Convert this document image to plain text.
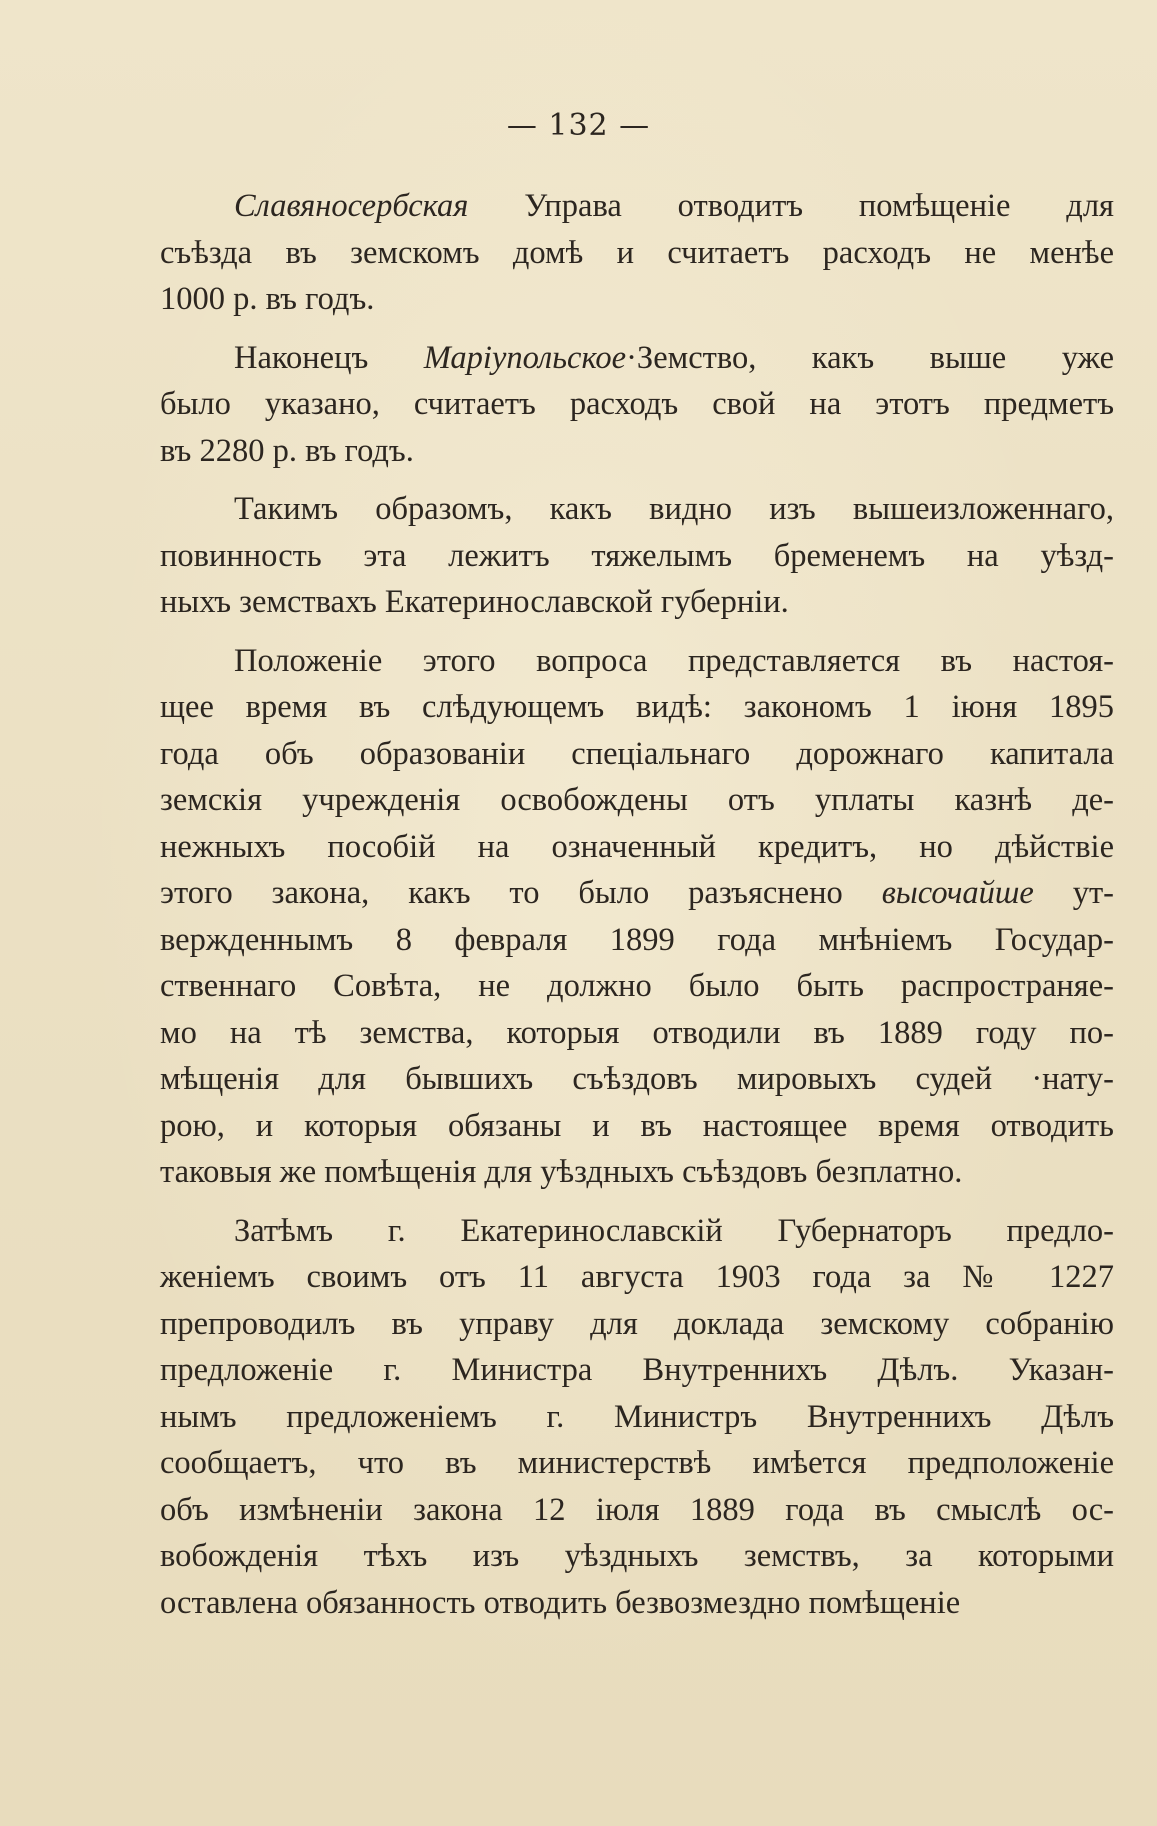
— 132 —
Славяносербская Управа отводитъ помѣщеніе для
съѣзда въ земскомъ домѣ и считаетъ расходъ не менѣе
1000 р. въ годъ.
Наконецъ Маріупольское·Земство, какъ выше уже
было указано, считаетъ расходъ свой на этотъ предметъ
въ 2280 р. въ годъ.
Такимъ образомъ, какъ видно изъ вышеизложеннаго,
повинность эта лежитъ тяжелымъ бременемъ на уѣзд-
ныхъ земствахъ Екатеринославской губерніи.
Положеніе этого вопроса представляется въ настоя-
щее время въ слѣдующемъ видѣ: закономъ 1 іюня 1895
года объ образованіи спеціальнаго дорожнаго капитала
земскія учрежденія освобождены отъ уплаты казнѣ де-
нежныхъ пособій на означенный кредитъ, но дѣйствіе
этого закона, какъ то было разъяснено высочайше ут-
вержденнымъ 8 февраля 1899 года мнѣніемъ Государ-
ственнаго Совѣта, не должно было быть распространяе-
мо на тѣ земства, которыя отводили въ 1889 году по-
мѣщенія для бывшихъ съѣздовъ мировыхъ судей ·нату-
рою, и которыя обязаны и въ настоящее время отводить
таковыя же помѣщенія для уѣздныхъ съѣздовъ безплатно.
Затѣмъ г. Екатеринославскій Губернаторъ предло-
женіемъ своимъ отъ 11 августа 1903 года за № 1227
препроводилъ въ управу для доклада земскому собранію
предложеніе г. Министра Внутреннихъ Дѣлъ. Указан-
нымъ предложеніемъ г. Министръ Внутреннихъ Дѣлъ
сообщаетъ, что въ министерствѣ имѣется предположеніе
объ измѣненіи закона 12 іюля 1889 года въ смыслѣ ос-
вобожденія тѣхъ изъ уѣздныхъ земствъ, за которыми
оставлена обязанность отводить безвозмездно помѣщеніе
